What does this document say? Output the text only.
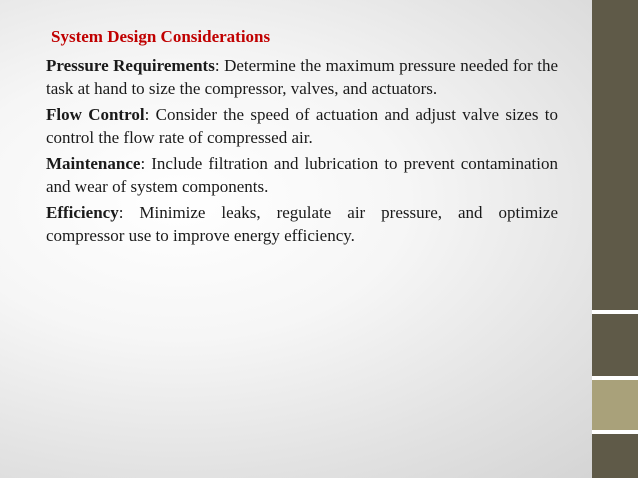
System Design Considerations

Pressure Requirements: Determine the maximum pressure needed for the task at hand to size the compressor, valves, and actuators.

Flow Control: Consider the speed of actuation and adjust valve sizes to control the flow rate of compressed air.

Maintenance: Include filtration and lubrication to prevent contamination and wear of system components.

Efficiency: Minimize leaks, regulate air pressure, and optimize compressor use to improve energy efficiency.
